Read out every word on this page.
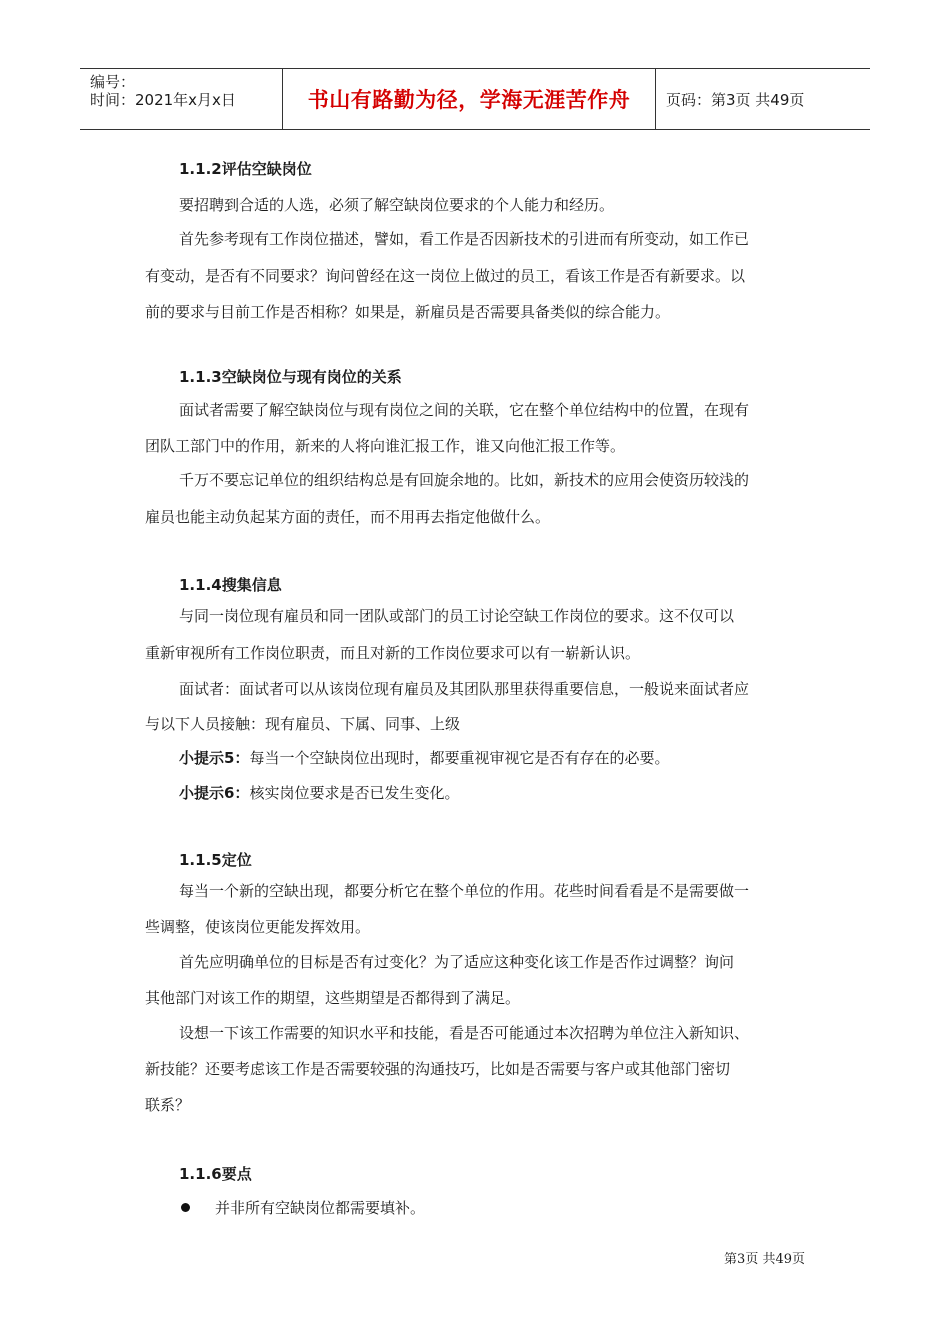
编号：
时间：2021年x月x日	书山有路勤为径，学海无涯苦作舟 页码：第3页 共49页
1.1.2评估空缺岗位
要招聘到合适的人选，必须了解空缺岗位要求的个人能力和经历。
首先参考现有工作岗位描述，譬如，看工作是否因新技术的引进而有所变动，如工作已
有变动，是否有不同要求？询问曾经在这一岗位上做过的员工，看该工作是否有新要求。以
前的要求与目前工作是否相称？如果是，新雇员是否需要具备类似的综合能力。
1.1.3空缺岗位与现有岗位的关系
面试者需要了解空缺岗位与现有岗位之间的关联，它在整个单位结构中的位置，在现有
团队工部门中的作用，新来的人将向谁汇报工作，谁又向他汇报工作等。
千万不要忘记单位的组织结构总是有回旋余地的。比如，新技术的应用会使资历较浅的
雇员也能主动负起某方面的责任，而不用再去指定他做什么。
1.1.4搜集信息
与同一岗位现有雇员和同一团队或部门的员工讨论空缺工作岗位的要求。这不仅可以
重新审视所有工作岗位职责，而且对新的工作岗位要求可以有一崭新认识。
面试者：面试者可以从该岗位现有雇员及其团队那里获得重要信息，一般说来面试者应
与以下人员接触：现有雇员、下属、同事、上级
小提示5：每当一个空缺岗位出现时，都要重视审视它是否有存在的必要。
小提示6：核实岗位要求是否已发生变化。
1.1.5定位
每当一个新的空缺出现，都要分析它在整个单位的作用。花些时间看看是不是需要做一
些调整，使该岗位更能发挥效用。
首先应明确单位的目标是否有过变化？为了适应这种变化该工作是否作过调整？询问
其他部门对该工作的期望，这些期望是否都得到了满足。
设想一下该工作需要的知识水平和技能，看是否可能通过本次招聘为单位注入新知识、
新技能？还要考虑该工作是否需要较强的沟通技巧，比如是否需要与客户或其他部门密切
联系？
1.1.6要点
并非所有空缺岗位都需要填补。
第3页 共49页
